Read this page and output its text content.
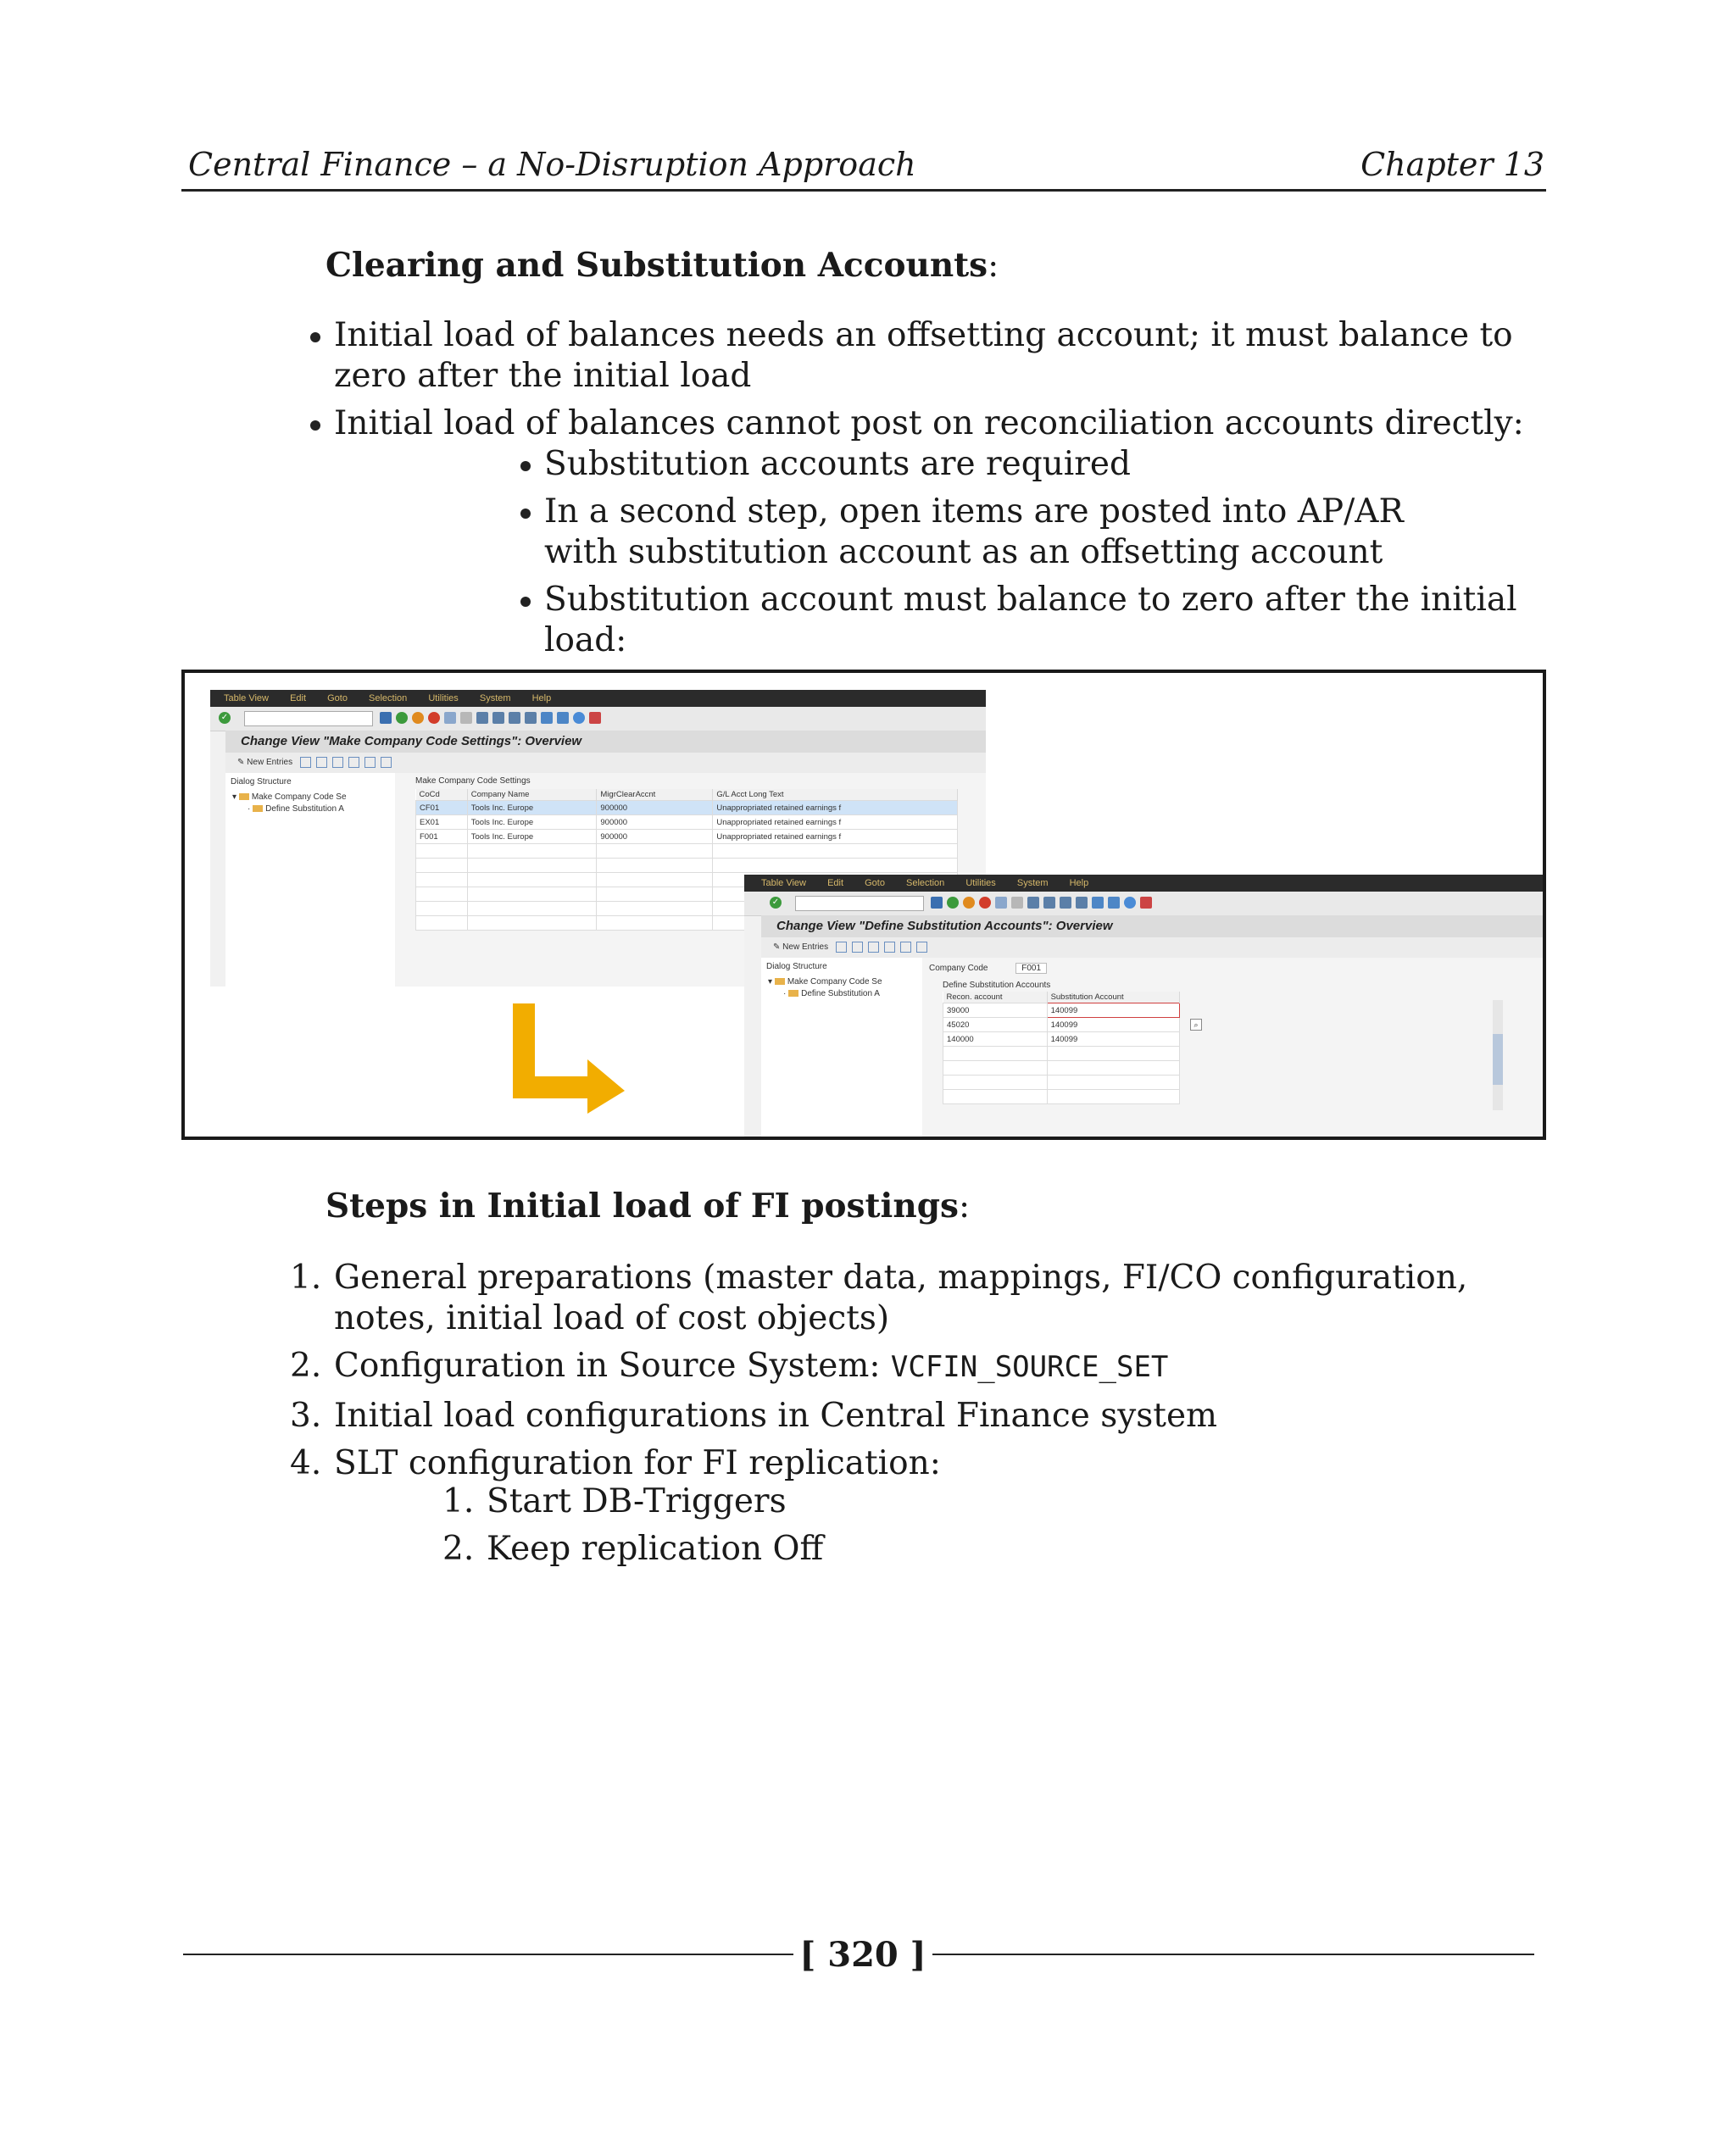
Central Finance – a No-Disruption Approach	Chapter 13
Clearing and Substitution Accounts:
Initial load of balances needs an offsetting account; it must balance to zero after the initial load
Initial load of balances cannot post on reconciliation accounts directly:
Substitution accounts are required
In a second step, open items are posted into AP/AR with substitution account as an offsetting account
Substitution account must balance to zero after the initial load:
Table View Edit Goto Selection Utilities System Help
✓
Change View "Make Company Code Settings": Overview
✎ New Entries
Dialog Structure
▾ Make Company Code Se
· Define Substitution A
Make Company Code Settings
CoCd	Company Name	MigrClearAccnt	G/L Acct Long Text
CF01	Tools Inc. Europe	900000	Unappropriated retained earnings f
EX01	Tools Inc. Europe	900000	Unappropriated retained earnings f
F001	Tools Inc. Europe	900000	Unappropriated retained earnings f

Table View Edit Goto Selection Utilities System Help
✓
Change View "Define Substitution Accounts": Overview
✎ New Entries
Dialog Structure
▾ Make Company Code Se
· Define Substitution A
Company Code	F001
Define Substitution Accounts
Recon. account	Substitution Account
39000	140099
45020	140099
140000	140099

⌕
Steps in Initial load of FI postings:
1. General preparations (master data, mappings, FI/CO configuration, notes, initial load of cost objects)
2. Configuration in Source System: VCFIN_SOURCE_SET
3. Initial load configurations in Central Finance system
4. SLT configuration for FI replication:
1. Start DB-Triggers
2. Keep replication Off
[ 320 ]
